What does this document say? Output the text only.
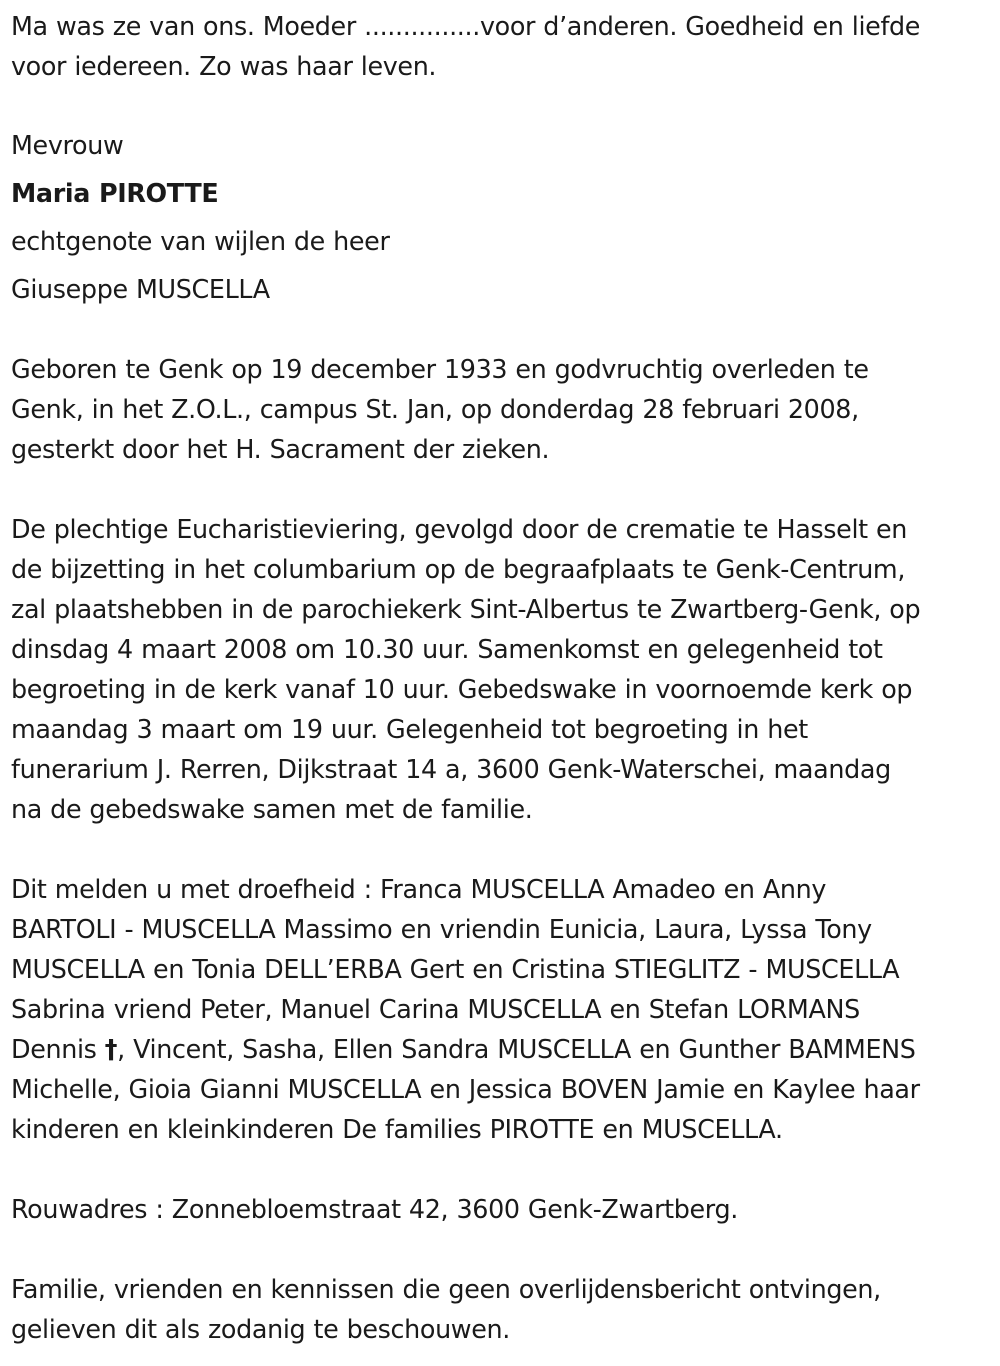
Ma was ze van ons. Moeder ...............voor d’anderen. Goedheid en liefde
voor iedereen. Zo was haar leven.
Mevrouw
Maria PIROTTE
echtgenote van wijlen de heer
Giuseppe MUSCELLA
Geboren te Genk op 19 december 1933 en godvruchtig overleden te
Genk, in het Z.O.L., campus St. Jan, op donderdag 28 februari 2008,
gesterkt door het H. Sacrament der zieken.
De plechtige Eucharistieviering, gevolgd door de crematie te Hasselt en
de bijzetting in het columbarium op de begraafplaats te Genk-Centrum,
zal plaatshebben in de parochiekerk Sint-Albertus te Zwartberg-Genk, op
dinsdag 4 maart 2008 om 10.30 uur. Samenkomst en gelegenheid tot
begroeting in de kerk vanaf 10 uur. Gebedswake in voornoemde kerk op
maandag 3 maart om 19 uur. Gelegenheid tot begroeting in het
funerarium J. Rerren, Dijkstraat 14 a, 3600 Genk-Waterschei, maandag
na de gebedswake samen met de familie.
Dit melden u met droefheid : Franca MUSCELLA Amadeo en Anny
BARTOLI - MUSCELLA Massimo en vriendin Eunicia, Laura, Lyssa Tony
MUSCELLA en Tonia DELL’ERBA Gert en Cristina STIEGLITZ - MUSCELLA
Sabrina vriend Peter, Manuel Carina MUSCELLA en Stefan LORMANS
Dennis †, Vincent, Sasha, Ellen Sandra MUSCELLA en Gunther BAMMENS
Michelle, Gioia Gianni MUSCELLA en Jessica BOVEN Jamie en Kaylee haar
kinderen en kleinkinderen De families PIROTTE en MUSCELLA.
Rouwadres : Zonnebloemstraat 42, 3600 Genk-Zwartberg.
Familie, vrienden en kennissen die geen overlijdensbericht ontvingen,
gelieven dit als zodanig te beschouwen.
